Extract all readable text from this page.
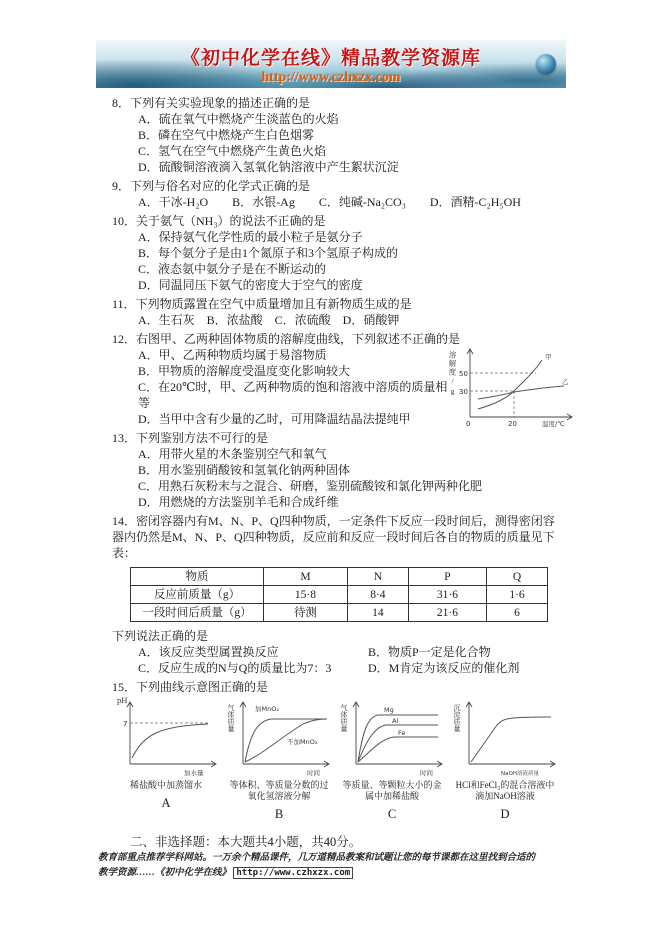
《初中化学在线》精品教学资源库
http://www.czhxzx.com
8．下列有关实验现象的描述正确的是
A．硫在氧气中燃烧产生淡蓝色的火焰
B．磷在空气中燃烧产生白色烟雾
C．氢气在空气中燃烧产生黄色火焰
D．硫酸铜溶液滴入氢氧化钠溶液中产生絮状沉淀
9．下列与俗名对应的化学式正确的是
A．干冰-H₂O　　B．水银-Ag　　C．纯碱-Na₂CO₃　　D．酒精-C₂H₅OH
10．关于氨气（NH₃）的说法不正确的是
A．保持氨气化学性质的最小粒子是氨分子
B．每个氨分子是由1个氮原子和3个氢原子构成的
C．液态氨中氨分子是在不断运动的
D．同温同压下氨气的密度大于空气的密度
11．下列物质露置在空气中质量增加且有新物质生成的是
A．生石灰　B．浓盐酸　C．浓硫酸　D．硝酸钾
12．右图甲、乙两种固体物质的溶解度曲线，下列叙述不正确的是
A．甲、乙两种物质均属于易溶物质
B．甲物质的溶解度受温度变化影响较大
C．在20℃时，甲、乙两种物质的饱和溶液中溶质的质量相等
D．当甲中含有少量的乙时，可用降温结晶法提纯甲
溶解度/g 50
30
甲
乙
0	20	温度/℃
13．下列鉴别方法不可行的是
A．用带火星的木条鉴别空气和氧气
B．用水鉴别硝酸铵和氢氧化钠两种固体
C．用熟石灰粉末与之混合、研磨，鉴别硫酸铵和氯化钾两种化肥
D．用燃烧的方法鉴别羊毛和合成纤维
14．密闭容器内有M、N、P、Q四种物质，一定条件下反应一段时间后，测得密闭容器内仍然是M、N、P、Q四种物质，反应前和反应一段时间后各自的物质的质量见下表：
物质	M	N	P	Q
反应前质量（g）	15·8	8·4	31·6	1·6
一段时间后质量（g）	待测	14	21·6	6
下列说法正确的是
A．该反应类型属置换反应	B．物质P一定是化合物
C．反应生成的N与Q的质量比为7：3	D．M肯定为该反应的催化剂
15．下列曲线示意图正确的是
pH
7
加水量
稀盐酸中加蒸馏水
A
气体质量	加MnO₂
不加MnO₂
时间
等体积、等质量分数的过氧化氢溶液分解
B
气体质量	Mg
Al
Fe
时间
等质量、等颗粒大小的金属中加稀盐酸
C
沉淀质量
NaOH溶液质量
HCl和FeCl₃的混合溶液中滴加NaOH溶液
D
二、非选择题：本大题共4小题，共40分。
教育部重点推荐学科网站。一万余个精品课件，几万道精品教案和试题让您的每节课都在这里找到合适的
教学资源……《初中化学在线》 http://www.czhxzx.com
